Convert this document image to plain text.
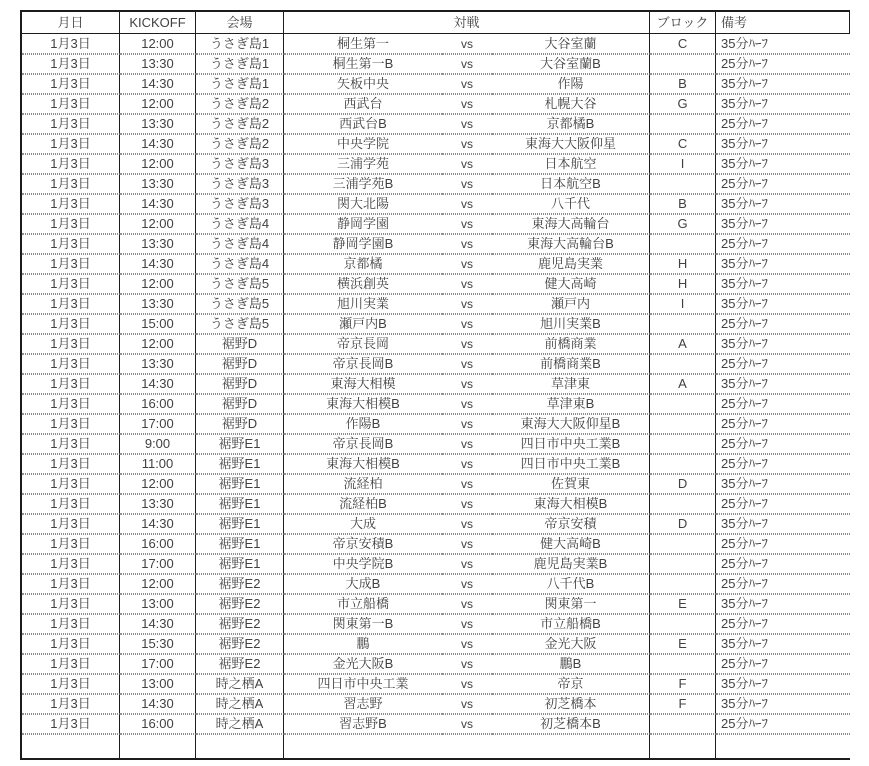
月日	KICKOFF	会場	対戦			ブロック	備考
1月3日	12:00	うさぎ島1	桐生第一	vs	大谷室蘭	C	35分ﾊｰﾌ
1月3日	13:30	うさぎ島1	桐生第一B	vs	大谷室蘭B		25分ﾊｰﾌ
1月3日	14:30	うさぎ島1	矢板中央	vs	作陽	B	35分ﾊｰﾌ
1月3日	12:00	うさぎ島2	西武台	vs	札幌大谷	G	35分ﾊｰﾌ
1月3日	13:30	うさぎ島2	西武台B	vs	京都橘B		25分ﾊｰﾌ
1月3日	14:30	うさぎ島2	中央学院	vs	東海大大阪仰星	C	35分ﾊｰﾌ
1月3日	12:00	うさぎ島3	三浦学苑	vs	日本航空	I	35分ﾊｰﾌ
1月3日	13:30	うさぎ島3	三浦学苑B	vs	日本航空B		25分ﾊｰﾌ
1月3日	14:30	うさぎ島3	関大北陽	vs	八千代	B	35分ﾊｰﾌ
1月3日	12:00	うさぎ島4	静岡学園	vs	東海大高輪台	G	35分ﾊｰﾌ
1月3日	13:30	うさぎ島4	静岡学園B	vs	東海大高輪台B		25分ﾊｰﾌ
1月3日	14:30	うさぎ島4	京都橘	vs	鹿児島実業	H	35分ﾊｰﾌ
1月3日	12:00	うさぎ島5	横浜創英	vs	健大高崎	H	35分ﾊｰﾌ
1月3日	13:30	うさぎ島5	旭川実業	vs	瀬戸内	I	35分ﾊｰﾌ
1月3日	15:00	うさぎ島5	瀬戸内B	vs	旭川実業B		25分ﾊｰﾌ
1月3日	12:00	裾野D	帝京長岡	vs	前橋商業	A	35分ﾊｰﾌ
1月3日	13:30	裾野D	帝京長岡B	vs	前橋商業B		25分ﾊｰﾌ
1月3日	14:30	裾野D	東海大相模	vs	草津東	A	35分ﾊｰﾌ
1月3日	16:00	裾野D	東海大相模B	vs	草津東B		25分ﾊｰﾌ
1月3日	17:00	裾野D	作陽B	vs	東海大大阪仰星B		25分ﾊｰﾌ
1月3日	9:00	裾野E1	帝京長岡B	vs	四日市中央工業B		25分ﾊｰﾌ
1月3日	11:00	裾野E1	東海大相模B	vs	四日市中央工業B		25分ﾊｰﾌ
1月3日	12:00	裾野E1	流経柏	vs	佐賀東	D	35分ﾊｰﾌ
1月3日	13:30	裾野E1	流経柏B	vs	東海大相模B		25分ﾊｰﾌ
1月3日	14:30	裾野E1	大成	vs	帝京安積	D	35分ﾊｰﾌ
1月3日	16:00	裾野E1	帝京安積B	vs	健大高崎B		25分ﾊｰﾌ
1月3日	17:00	裾野E1	中央学院B	vs	鹿児島実業B		25分ﾊｰﾌ
1月3日	12:00	裾野E2	大成B	vs	八千代B		25分ﾊｰﾌ
1月3日	13:00	裾野E2	市立船橋	vs	関東第一	E	35分ﾊｰﾌ
1月3日	14:30	裾野E2	関東第一B	vs	市立船橋B		25分ﾊｰﾌ
1月3日	15:30	裾野E2	鵬	vs	金光大阪	E	35分ﾊｰﾌ
1月3日	17:00	裾野E2	金光大阪B	vs	鵬B		25分ﾊｰﾌ
1月3日	13:00	時之栖A	四日市中央工業	vs	帝京	F	35分ﾊｰﾌ
1月3日	14:30	時之栖A	習志野	vs	初芝橋本	F	35分ﾊｰﾌ
1月3日	16:00	時之栖A	習志野B	vs	初芝橋本B		25分ﾊｰﾌ
